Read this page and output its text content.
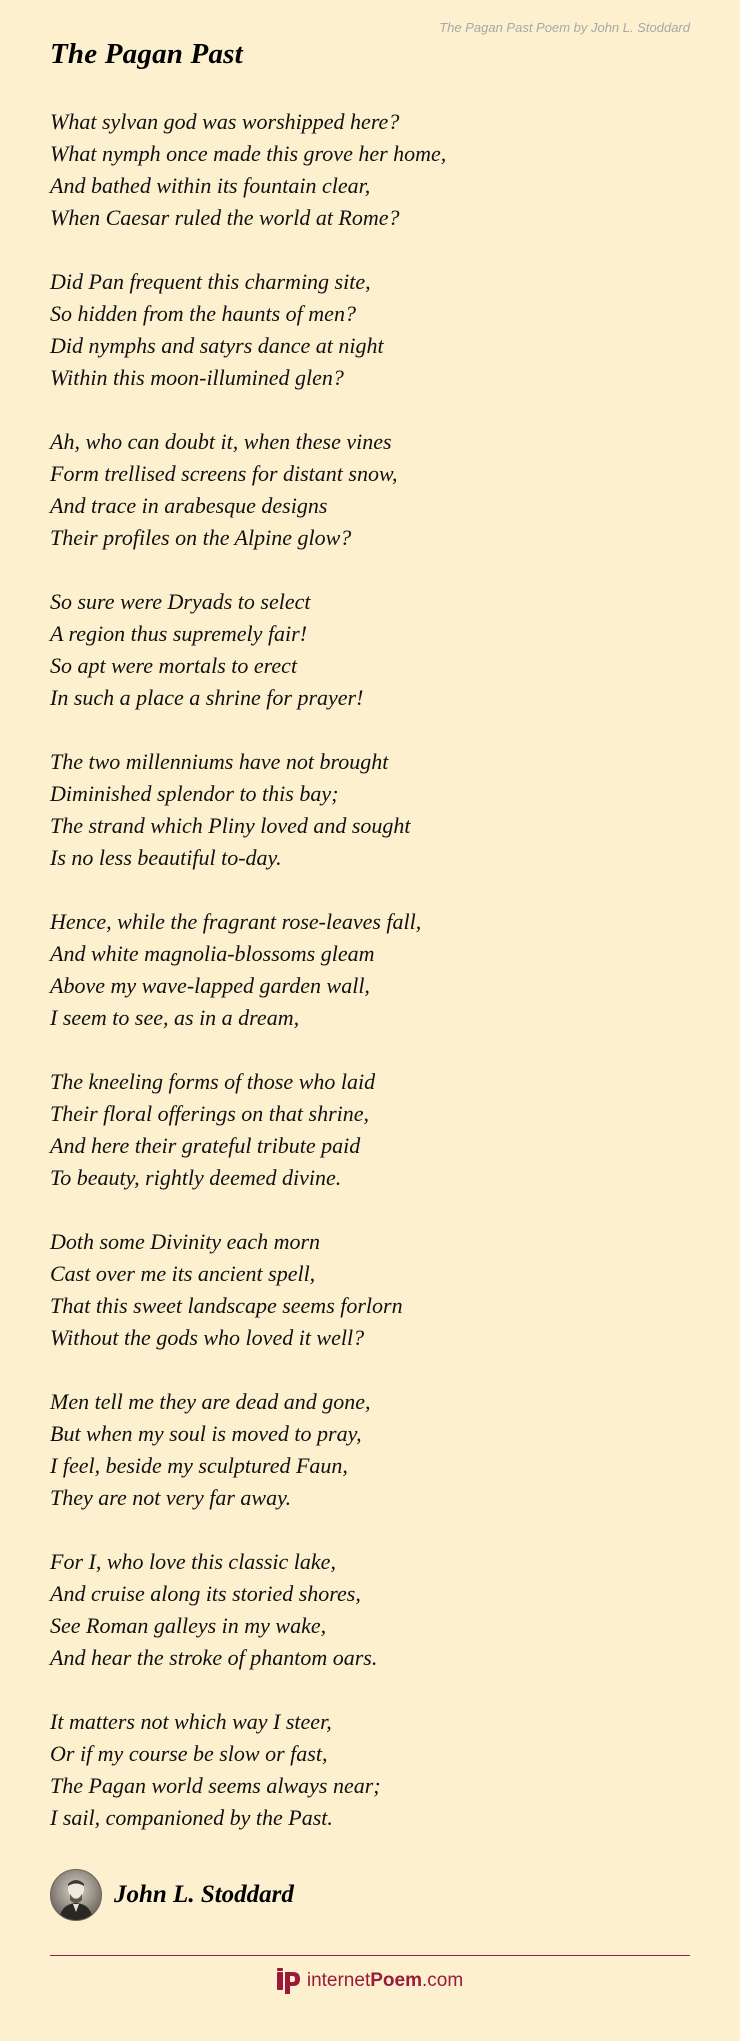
The Pagan Past Poem by John L. Stoddard
The Pagan Past

What sylvan god was worshipped here?
What nymph once made this grove her home,
And bathed within its fountain clear,
When Caesar ruled the world at Rome?

Did Pan frequent this charming site,
So hidden from the haunts of men?
Did nymphs and satyrs dance at night
Within this moon-illumined glen?

Ah, who can doubt it, when these vines
Form trellised screens for distant snow,
And trace in arabesque designs
Their profiles on the Alpine glow?

So sure were Dryads to select
A region thus supremely fair!
So apt were mortals to erect
In such a place a shrine for prayer!

The two millenniums have not brought
Diminished splendor to this bay;
The strand which Pliny loved and sought
Is no less beautiful to-day.

Hence, while the fragrant rose-leaves fall,
And white magnolia-blossoms gleam
Above my wave-lapped garden wall,
I seem to see, as in a dream,

The kneeling forms of those who laid
Their floral offerings on that shrine,
And here their grateful tribute paid
To beauty, rightly deemed divine.

Doth some Divinity each morn
Cast over me its ancient spell,
That this sweet landscape seems forlorn
Without the gods who loved it well?

Men tell me they are dead and gone,
But when my soul is moved to pray,
I feel, beside my sculptured Faun,
They are not very far away.

For I, who love this classic lake,
And cruise along its storied shores,
See Roman galleys in my wake,
And hear the stroke of phantom oars.

It matters not which way I steer,
Or if my course be slow or fast,
The Pagan world seems always near;
I sail, companioned by the Past.

John L. Stoddard
internetPoem.com
